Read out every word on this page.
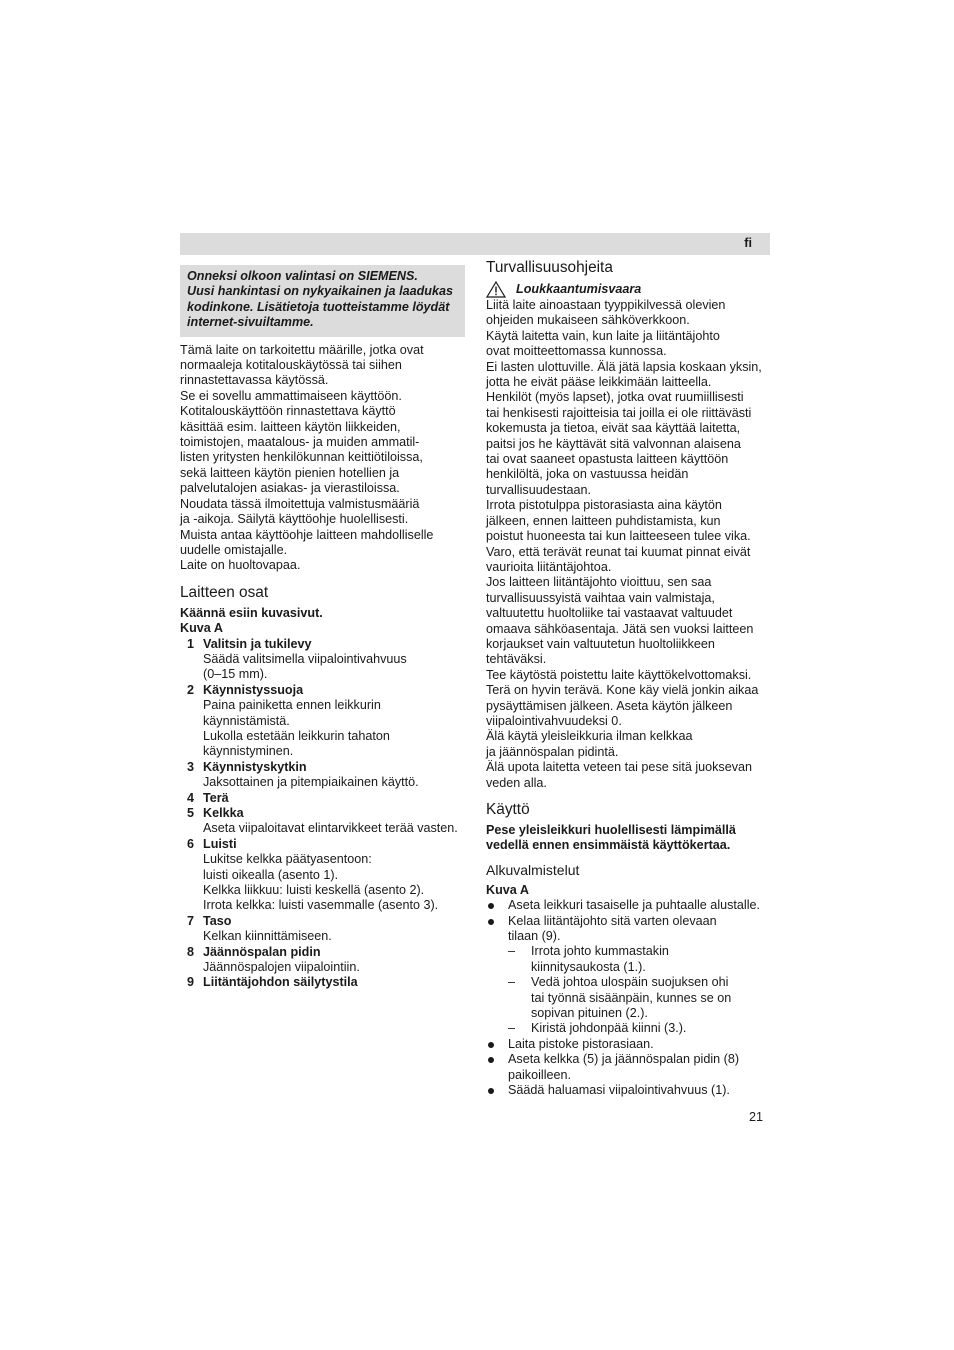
fi
Onneksi olkoon valintasi on SIEMENS.
Uusi hankintasi on nykyaikainen ja laadukas
kodinkone. Lisätietoja tuotteistamme löydät
internet-sivuiltamme.
Tämä laite on tarkoitettu määrille, jotka ovat
normaaleja kotitalouskäytössä tai siihen
rinnastettavassa käytössä.
Se ei sovellu ammattimaiseen käyttöön.
Kotitalouskäyttöön rinnastettava käyttö
käsittää esim. laitteen käytön liikkeiden,
toimistojen, maatalous- ja muiden ammatil-
listen yritysten henkilökunnan keittiötiloissa,
sekä laitteen käytön pienien hotellien ja
palvelutalojen asiakas- ja vierastiloissa.
Noudata tässä ilmoitettuja valmistusmääriä
ja -aikoja. Säilytä käyttöohje huolellisesti.
Muista antaa käyttöohje laitteen mahdolliselle
uudelle omistajalle.
Laite on huoltovapaa.
Laitteen osat
Käännä esiin kuvasivut.
Kuva A
1 Valitsin ja tukilevy
Säädä valitsimella viipalointivahvuus
(0–15 mm).
2 Käynnistyssuoja
Paina painiketta ennen leikkurin
käynnistämistä.
Lukolla estetään leikkurin tahaton
käynnistyminen.
3 Käynnistyskytkin
Jaksottainen ja pitempiaikainen käyttö.
4 Terä
5 Kelkka
Aseta viipaloitavat elintarvikkeet terää vasten.
6 Luisti
Lukitse kelkka päätyasentoon:
luisti oikealla (asento 1).
Kelkka liikkuu: luisti keskellä (asento 2).
Irrota kelkka: luisti vasemmalle (asento 3).
7 Taso
Kelkan kiinnittämiseen.
8 Jäännöspalan pidin
Jäännöspalojen viipalointiin.
9 Liitäntäjohdon säilytystila
Turvallisuusohjeita
Loukkaantumisvaara
Liitä laite ainoastaan tyyppikilvessä olevien
ohjeiden mukaiseen sähköverkkoon.
Käytä laitetta vain, kun laite ja liitäntäjohto
ovat moitteettomassa kunnossa.
Ei lasten ulottuville. Älä jätä lapsia koskaan yksin,
jotta he eivät pääse leikkimään laitteella.
Henkilöt (myös lapset), jotka ovat ruumiillisesti
tai henkisesti rajoitteisia tai joilla ei ole riittävästi
kokemusta ja tietoa, eivät saa käyttää laitetta,
paitsi jos he käyttävät sitä valvonnan alaisena
tai ovat saaneet opastusta laitteen käyttöön
henkilöltä, joka on vastuussa heidän
turvallisuudestaan.
Irrota pistotulppa pistorasiasta aina käytön
jälkeen, ennen laitteen puhdistamista, kun
poistut huoneesta tai kun laitteeseen tulee vika.
Varo, että terävät reunat tai kuumat pinnat eivät
vaurioita liitäntäjohtoa.
Jos laitteen liitäntäjohto vioittuu, sen saa
turvallisuussyistä vaihtaa vain valmistaja,
valtuutettu huoltoliike tai vastaavat valtuudet
omaava sähköasentaja. Jätä sen vuoksi laitteen
korjaukset vain valtuutetun huoltoliikkeen
tehtäväksi.
Tee käytöstä poistettu laite käyttökelvottomaksi.
Terä on hyvin terävä. Kone käy vielä jonkin aikaa
pysäyttämisen jälkeen. Aseta käytön jälkeen
viipalointivahvuudeksi 0.
Älä käytä yleisleikkuria ilman kelkkaa
ja jäännöspalan pidintä.
Älä upota laitetta veteen tai pese sitä juoksevan
veden alla.
Käyttö
Pese yleisleikkuri huolellisesti lämpimällä
vedellä ennen ensimmäistä käyttökertaa.
Alkuvalmistelut
Kuva A
Aseta leikkuri tasaiselle ja puhtaalle alustalle.
Kelaa liitäntäjohto sitä varten olevaan
tilaan (9).
– Irrota johto kummastakin
kiinnitysaukosta (1.).
– Vedä johtoa ulospäin suojuksen ohi
tai työnnä sisäänpäin, kunnes se on
sopivan pituinen (2.).
– Kiristä johdonpää kiinni (3.).
Laita pistoke pistorasiaan.
Aseta kelkka (5) ja jäännöspalan pidin (8)
paikoilleen.
Säädä haluamasi viipalointivahvuus (1).
21
